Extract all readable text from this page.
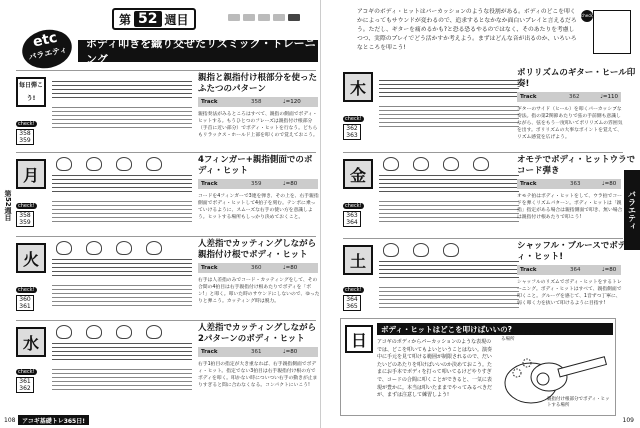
第52週目
第 52 週目
etc
バラエティ
ボディ叩きを織り交ぜたリズミック・トレーニング
毎日弾こう!
check!
358
359
親指と親指付け根部分を使ったふたつのパターン
Track	358	♩=120
親指奏法がみるところはすべて、親指の側面でボディ・ヒットする。もうひとつのフレーズは親指付け根部分（手首に近い部分）でボディ・ヒットを行なう。どちらもリラックス・ホールド上部を叩くので覚えておこう。
月
check!
358
359
4フィンガー+親指側面でのボディ・ヒット
Track	359	♩=80
コードを4フィンガーで3連を弾き、その上を、右手親指側面でボディ・ヒットして4拍子を刻む。テンポに乗っていけるように、スムーズな右手の使い方を意識しよう。ヒットする場所もしっかり決めておくこと。
火
check!
360
361
人差指でカッティングしながら親指付け根でボディ・ヒット
Track	360	♩=80
右手は人差指のみでコード・カッティングをして、その合間の4拍目は右手親指付け根あたりでボディを「ボン!」と叩く。叩いた時のサウンドにしないので、ゆったりと弾こう。カッティング時は脱力。
水
check!
361
362
人差指でカッティングしながら2パターンのボディ・ヒット
Track	361	♩=80
右手1拍目の指定が大き重なれば、右手親指側面でボディ・ヒット。指定でない3拍目は右手親指付け根の方でボディを叩く。叩かない時についつい右手の動きが止まりすぎると間に合わなくなる。コンパクトにいこう!
アコギ基礎トレ365日!
108
アコギのボディ・ヒットはパーカッションのような役割がある。ボディのどこを叩くかによってもサウンドが変わるので、追求するとなかなか面白いプレイと言えるだろう。ただし、ギターを痛めるかも?と恐る恐るやるのではなく、そのあたりを考慮しつつ、実際のプレイでどう活かすか考えよう。まずはどんな音が出るのか、いろいろなところを叩こう!
check!
バラエティ
木
check!
362
363
ポリリズムのギター・ヒール印奏!
Track	362	♩=110
ギターのサイド（ヒール）を叩くパーカッシブな奏法。指の第2関節あたりで弦の手前側も意識しながら、弦をもう一度叩いてポリリズムの雰囲気を出す。ポリリズムの大事なポイントを覚えて、リズム感覚を広げよう。
金
check!
363
364
オモテでボディ・ヒットウラでコード弾き
Track	363	♩=80
オモテ拍はボディ・ヒットをして、ウラ拍でコードを弾くリズムパターン。ボディ・ヒットは「親指」指定がある場合は親指側面で叩き、無い場合は親指付け根あたりで叩こう!
土
check!
364
365
シャッフル・ブルースでボディ・ヒット!
Track	364	♩=80
シャッフルのリズムでボディ・ヒットをするトレーニング。ボディ・ヒットはすべて、親指側面で叩くこと。グルーヴを感じて、1音ずつ丁寧に、弱く叩く力を抜いて叩けるように目指す!
109
日
ボディ・ヒットはどこを叩けばいいの?
アコギのボディからパーカッションのような表現のでは、どこを叩いてもよいということはない。演奏中に手元を見て叩ける範囲が制限されるので、だいたいどのあたりを叩けばいいのか決めておこう。たまにお手本でボディを打って叩いてるけどやりすぎで、コードの合間に叩くことができると、一気に表現が豊かに。本当は叩いたままでやってみるべきだが、まずは注意して練習しよう!
親指側面でボディ・ヒットする場所
親指付け根部分でボディ・ヒットする場所
